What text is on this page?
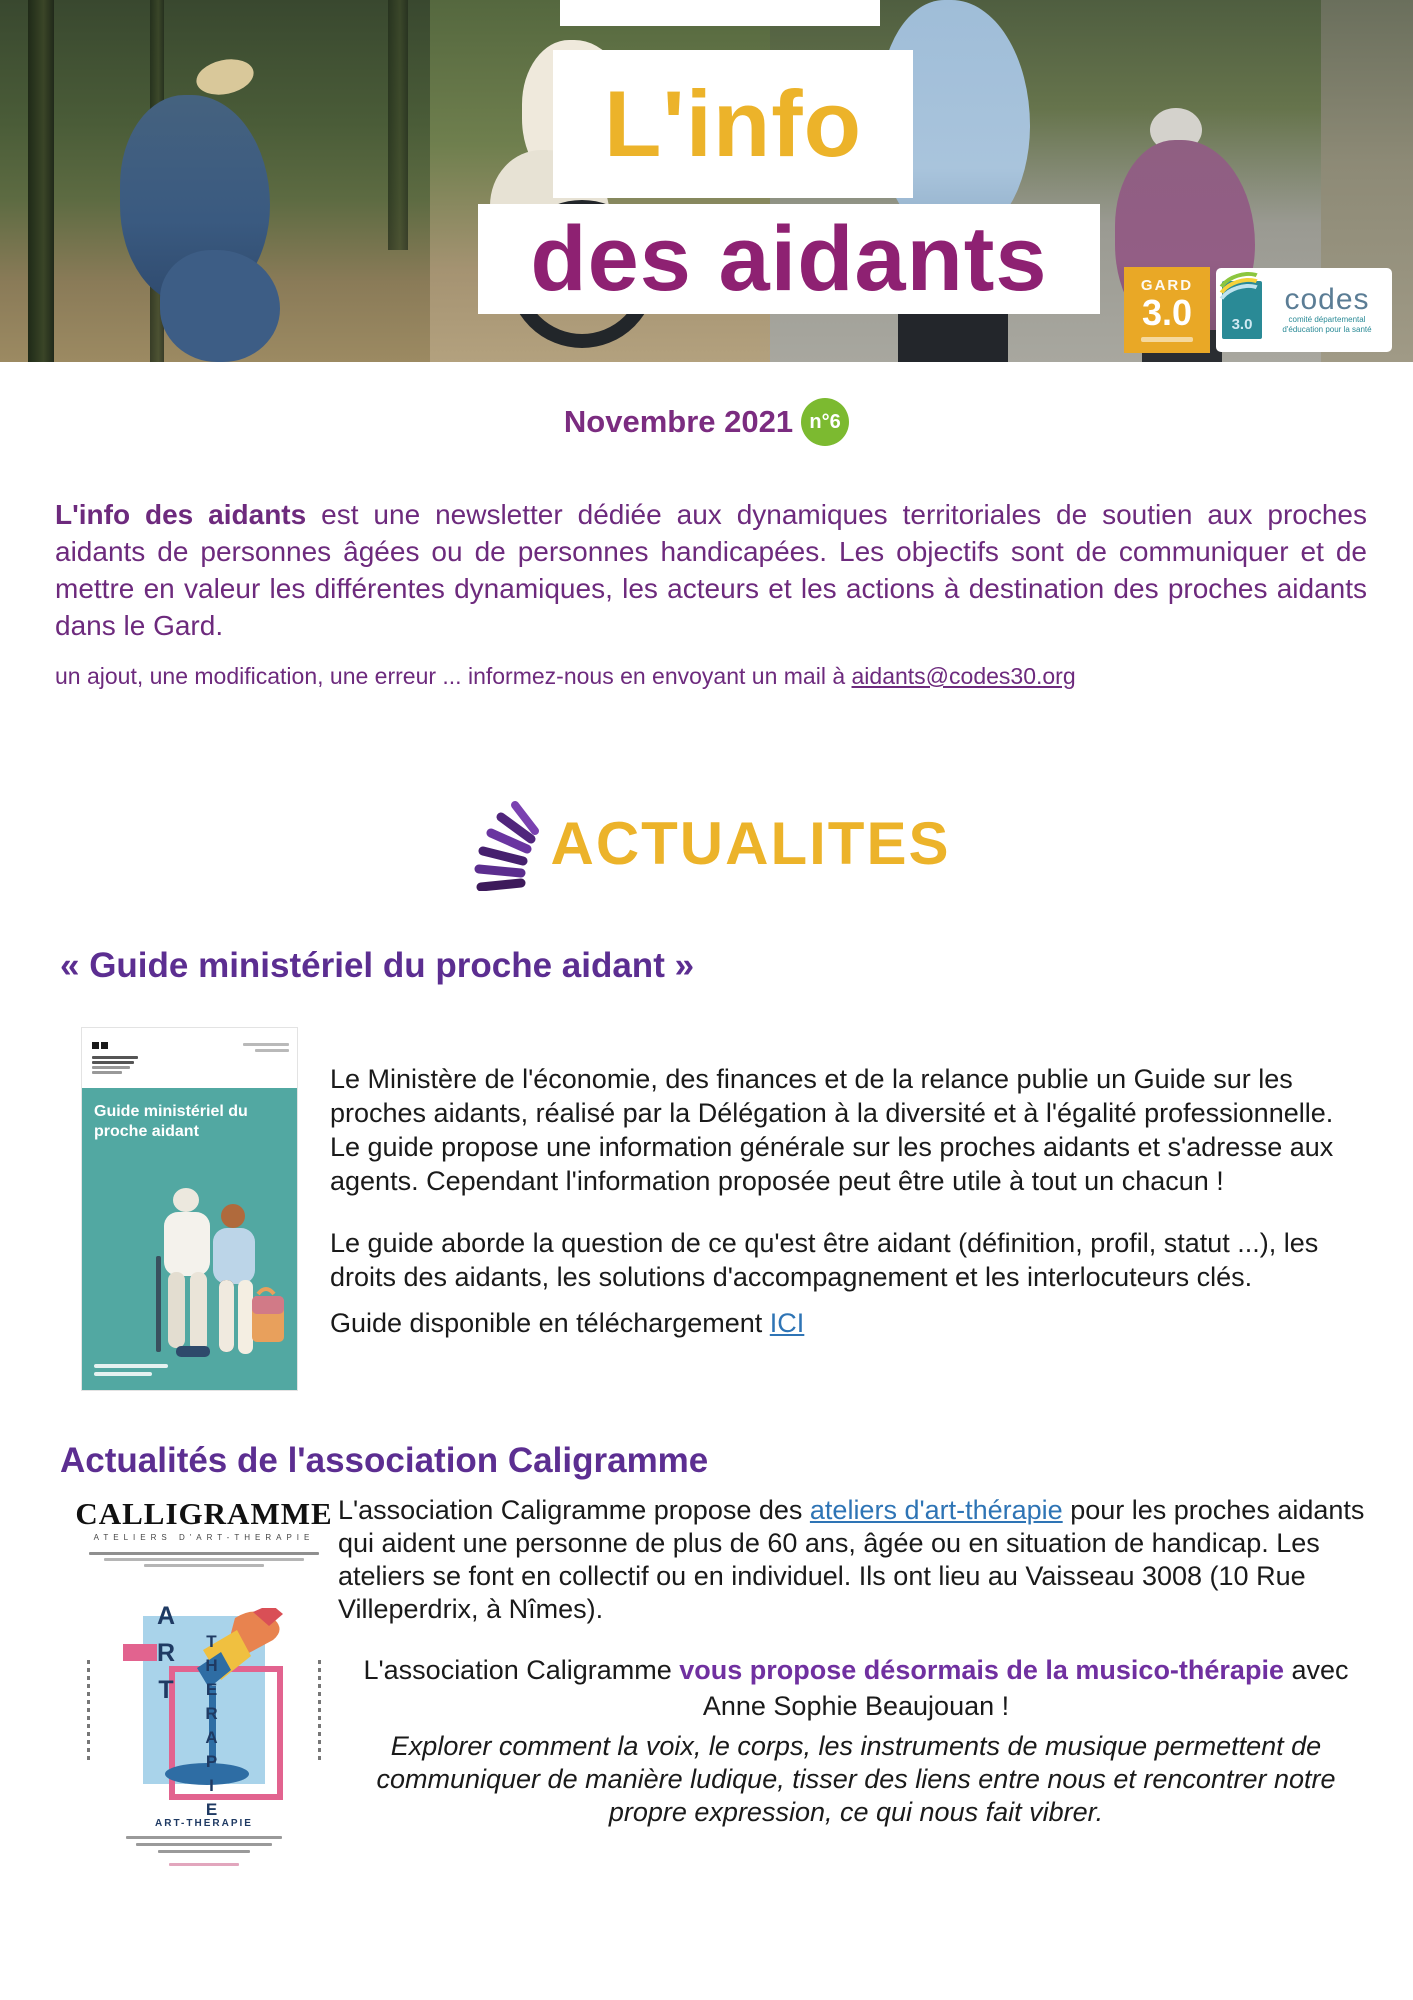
L'info
des aidants	GARD
3.0	3.0
codes
comité départemental
d'éducation pour la santé
Novembre 2021 n°6
L'info des aidants est une newsletter dédiée aux dynamiques territoriales de soutien aux proches aidants de personnes âgées ou de personnes handicapées. Les objectifs sont de communiquer et de mettre en valeur les différentes dynamiques, les acteurs et les actions à destination des proches aidants dans le Gard.
un ajout, une modification, une erreur ... informez-nous en envoyant un mail à aidants@codes30.org
ACTUALITES
« Guide ministériel du proche aidant »
Guide ministériel du proche aidant
Le Ministère de l'économie, des finances et de la relance publie un Guide sur les proches aidants, réalisé par la Délégation à la diversité et à l'égalité professionnelle. Le guide propose une information générale sur les proches aidants et s'adresse aux agents. Cependant l'information proposée peut être utile à tout un chacun !
Le guide aborde la question de ce qu'est être aidant (définition, profil, statut ...), les droits des aidants, les solutions d'accompagnement et les interlocuteurs clés.
Guide disponible en téléchargement ICI
Actualités de l'association Caligramme
CALLIGRAMME
ATELIERS D'ART-THERAPIE
ART THERAPIE
ART-THERAPIE
L'association Caligramme propose des ateliers d'art-thérapie pour les proches aidants qui aident une personne de plus de 60 ans, âgée ou en situation de handicap. Les ateliers se font en collectif ou en individuel. Ils ont lieu au Vaisseau 3008 (10 Rue Villeperdrix, à Nîmes).
L'association Caligramme vous propose désormais de la musico-thérapie avec Anne Sophie Beaujouan !
Explorer comment la voix, le corps, les instruments de musique permettent de communiquer de manière ludique, tisser des liens entre nous et rencontrer notre propre expression, ce qui nous fait vibrer.
